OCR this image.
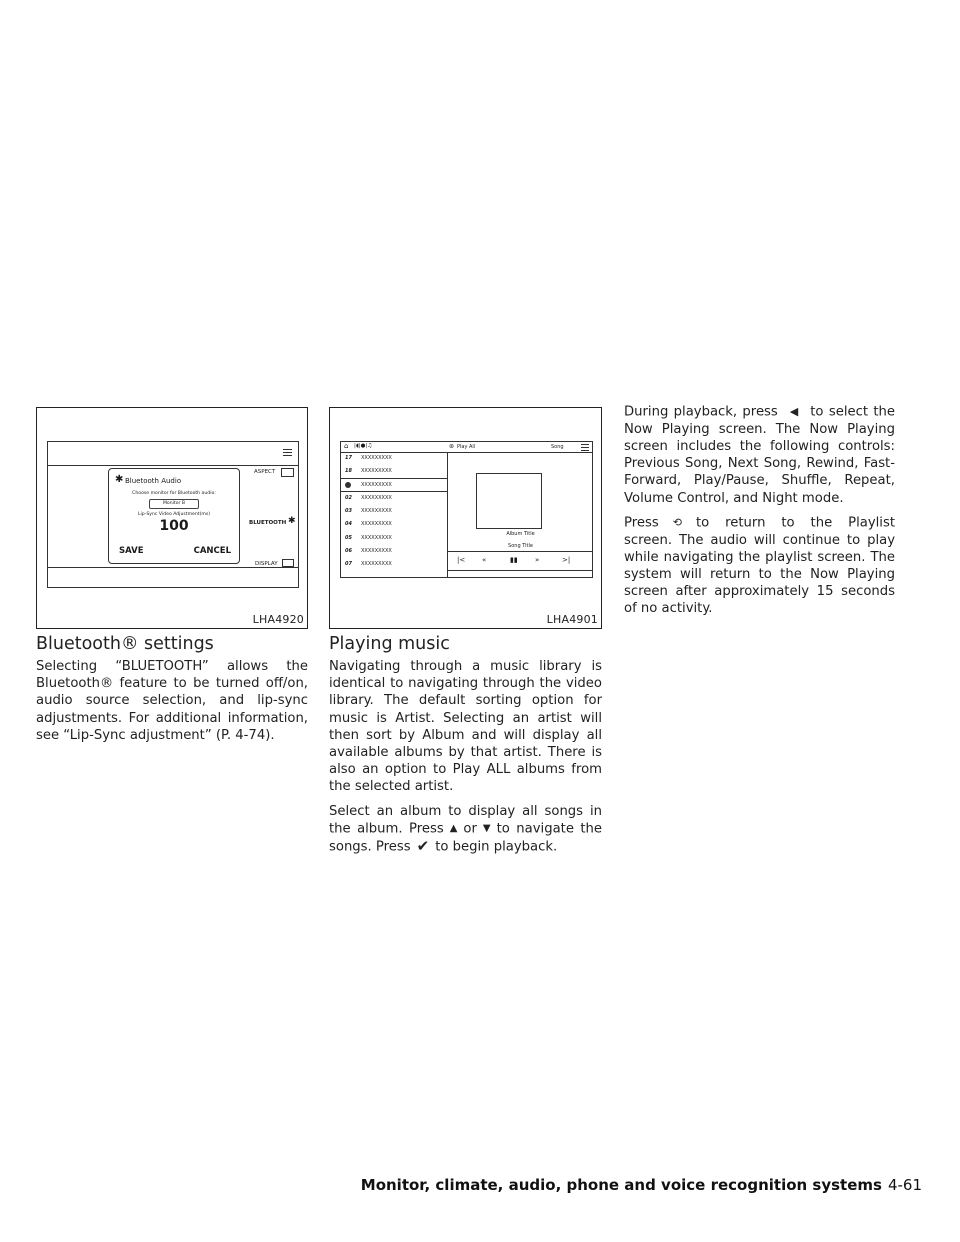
✱ Bluetooth Audio
Choose monitor for Bluetooth audio:
Monitor B
Lip-Sync Video Adjustment(ms)
100
SAVE	CANCEL
ASPECT
BLUETOOTH ✱
DISPLAY
LHA4920
⌂ |◖|●|♫	⊛ Play All	Song
17 XXXXXXXXX
18 XXXXXXXXX
XXXXXXXXX
02 XXXXXXXXX
03 XXXXXXXXX
04 XXXXXXXXX
05 XXXXXXXXX
06 XXXXXXXXX
07 XXXXXXXXX
Album Title
Song Title
|< «	▮▮ »	>|
LHA4901
Bluetooth® settings

Selecting “BLUETOOTH” allows the Bluetooth® feature to be turned off/on, audio source selection, and lip-sync adjustments. For additional information, see “Lip-Sync adjustment” (P. 4-74).

Playing music

Navigating through a music library is identical to navigating through the video library. The default sorting option for music is Artist. Selecting an artist will then sort by Album and will display all available albums by that artist. There is also an option to Play ALL albums from the selected artist.

Select an album to display all songs in the album. Press ▲ or ▼ to navigate the songs. Press ✔ to begin playback.

During playback, press ◀ to select the Now Playing screen. The Now Playing screen includes the following controls: Previous Song, Next Song, Rewind, Fast-Forward, Play/Pause, Shuffle, Repeat, Volume Control, and Night mode.

Press ⟲ to return to the Playlist screen. The audio will continue to play while navigating the playlist screen. The system will return to the Now Playing screen after approximately 15 seconds of no activity.

Monitor, climate, audio, phone and voice recognition systems 4-61
